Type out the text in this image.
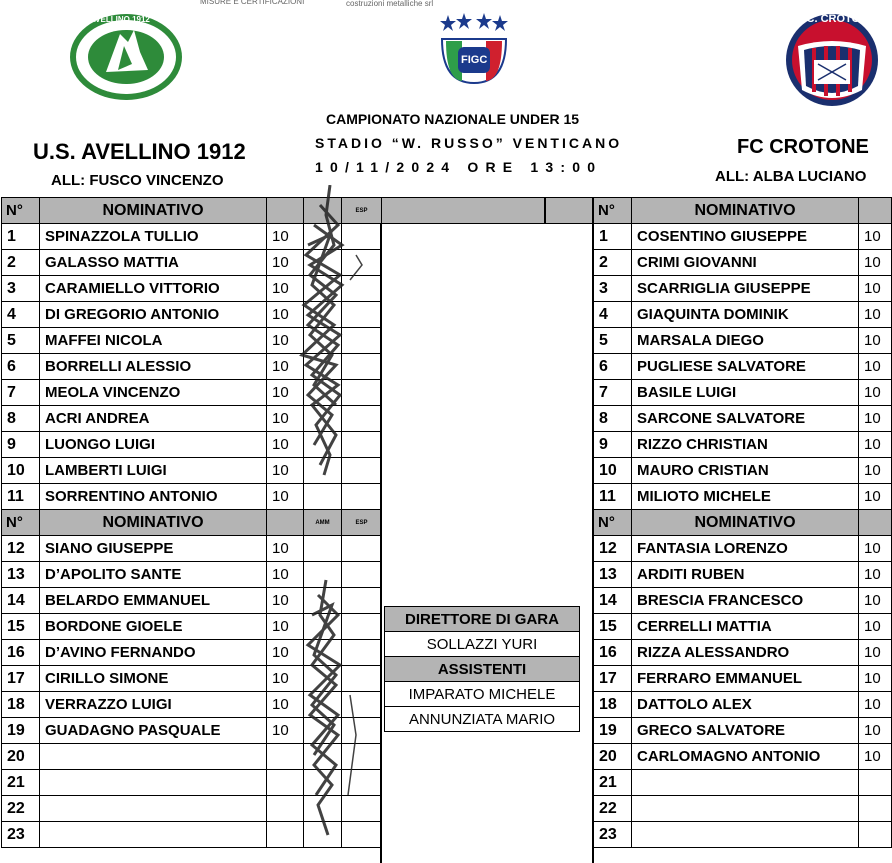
MISURE E CERTIFICAZIONI	costruzioni metalliche srl
AVELLINO 1912
FIGC
F.C. CROTONE
U.S. AVELLINO 1912
ALL: FUSCO VINCENZO
FC CROTONE
ALL: ALBA LUCIANO
CAMPIONATO NAZIONALE UNDER 15
STADIO “W. RUSSO” VENTICANO
10/11/2024 ORE 13:00
N°	NOMINATIVO			ESP
1	SPINAZZOLA TULLIO	10		
2	GALASSO MATTIA	10		
3	CARAMIELLO VITTORIO	10		
4	DI GREGORIO ANTONIO	10		
5	MAFFEI NICOLA	10		
6	BORRELLI ALESSIO	10		
7	MEOLA VINCENZO	10		
8	ACRI ANDREA	10		
9	LUONGO LUIGI	10		
10	LAMBERTI LUIGI	10		
11	SORRENTINO ANTONIO	10		
N°	NOMINATIVO		AMM	ESP
12	SIANO GIUSEPPE	10		
13	D’APOLITO SANTE	10		
14	BELARDO EMMANUEL	10		
15	BORDONE GIOELE	10		
16	D’AVINO FERNANDO	10		
17	CIRILLO SIMONE	10		
18	VERRAZZO LUIGI	10		
19	GUADAGNO PASQUALE	10		
20				
21				
22				
23				
N°	NOMINATIVO	
1	COSENTINO GIUSEPPE	10
2	CRIMI GIOVANNI	10
3	SCARRIGLIA GIUSEPPE	10
4	GIAQUINTA DOMINIK	10
5	MARSALA DIEGO	10
6	PUGLIESE SALVATORE	10
7	BASILE LUIGI	10
8	SARCONE SALVATORE	10
9	RIZZO CHRISTIAN	10
10	MAURO CRISTIAN	10
11	MILIOTO MICHELE	10
N°	NOMINATIVO	
12	FANTASIA LORENZO	10
13	ARDITI RUBEN	10
14	BRESCIA FRANCESCO	10
15	CERRELLI MATTIA	10
16	RIZZA ALESSANDRO	10
17	FERRARO EMMANUEL	10
18	DATTOLO ALEX	10
19	GRECO SALVATORE	10
20	CARLOMAGNO ANTONIO	10
21		
22		
23		
DIRETTORE DI GARA
SOLLAZZI YURI
ASSISTENTI
IMPARATO MICHELE
ANNUNZIATA MARIO
